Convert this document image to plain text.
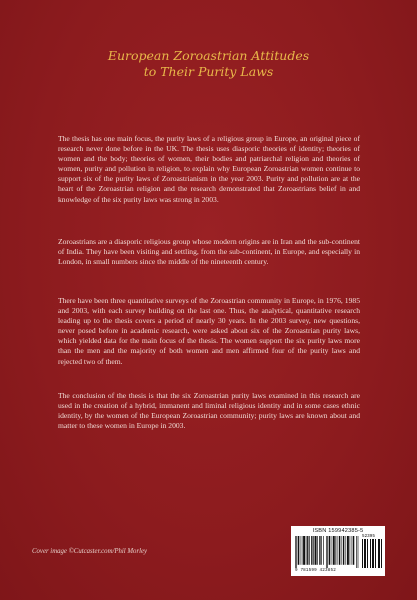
European Zoroastrian Attitudes
to Their Purity Laws

The thesis has one main focus, the purity laws of a religious group in Europe, an original piece of research never done before in the UK. The thesis uses diasporic theories of identity; theories of women and the body; theories of women, their bodies and patriarchal religion and theories of women, purity and pollution in religion, to explain why European Zoroastrian women continue to support six of the purity laws of Zoroastrianism in the year 2003. Purity and pollution are at the heart of the Zoroastrian religion and the research demonstrated that Zoroastrians belief in and knowledge of the six purity laws was strong in 2003.

Zoroastrians are a diasporic religious group whose modern origins are in Iran and the sub-continent of India. They have been visiting and settling, from the sub-continent, in Europe, and especially in London, in small numbers since the middle of the nineteenth century.

There have been three quantitative surveys of the Zoroastrian community in Europe, in 1976, 1985 and 2003, with each survey building on the last one. Thus, the analytical, quantitative research leading up to the thesis covers a period of nearly 30 years. In the 2003 survey, new questions, never posed before in academic research, were asked about six of the Zoroastrian purity laws, which yielded data for the main focus of the thesis. The women support the six purity laws more than the men and the majority of both women and men affirmed four of the purity laws and rejected two of them.

The conclusion of the thesis is that the six Zoroastrian purity laws examined in this research are used in the creation of a hybrid, immanent and liminal religious identity and in some cases ethnic identity, by the women of the European Zoroastrian community; purity laws are known about and matter to these women in Europe in 2003.

ISBN 159942385-5
9 781599 423852
52395
Cover image ©Cutcaster.com/Phil Morley
